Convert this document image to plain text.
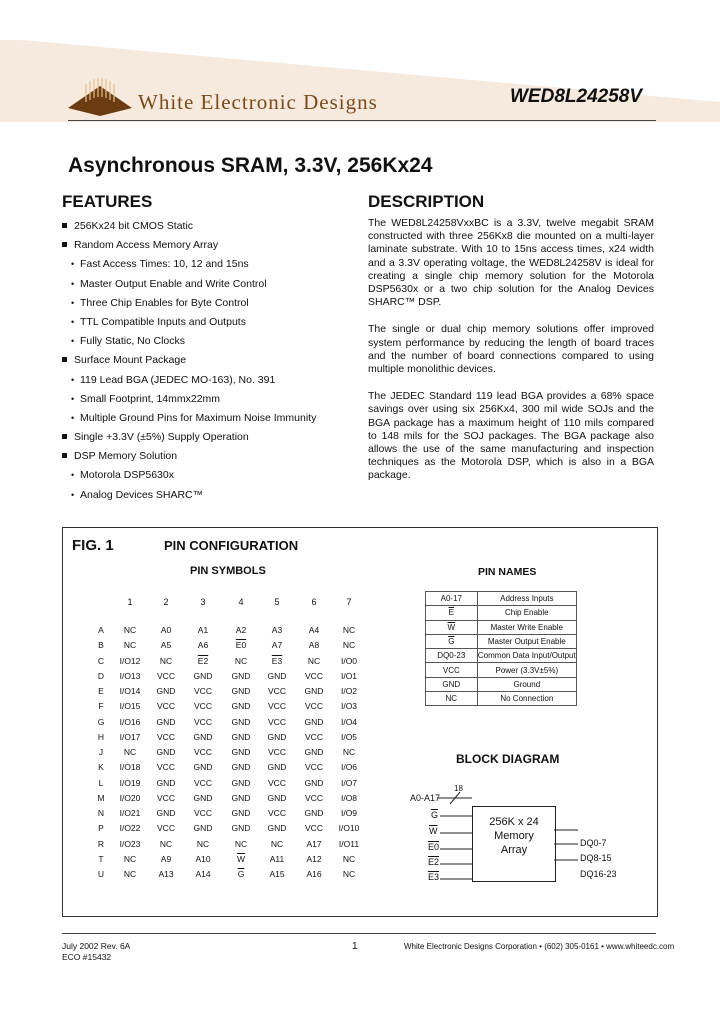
White Electronic Designs	WED8L24258V
Asynchronous SRAM, 3.3V, 256Kx24
FEATURES
256Kx24 bit CMOS Static
Random Access Memory Array
• Fast Access Times: 10, 12 and 15ns
• Master Output Enable and Write Control
• Three Chip Enables for Byte Control
• TTL Compatible Inputs and Outputs
• Fully Static, No Clocks
Surface Mount Package
• 119 Lead BGA (JEDEC MO-163), No. 391
• Small Footprint, 14mmx22mm
• Multiple Ground Pins for Maximum Noise Immunity
Single +3.3V (±5%) Supply Operation
DSP Memory Solution
• Motorola DSP5630x
• Analog Devices SHARC™
DESCRIPTION

The WED8L24258VxxBC is a 3.3V, twelve megabit SRAM constructed with three 256Kx8 die mounted on a multi-layer laminate substrate. With 10 to 15ns access times, x24 width and a 3.3V operating voltage, the WED8L24258V is ideal for creating a single chip memory solution for the Motorola DSP5630x or a two chip solution for the Analog Devices SHARC™ DSP.

The single or dual chip memory solutions offer improved system performance by reducing the length of board traces and the number of board connections compared to using multiple monolithic devices.

The JEDEC Standard 119 lead BGA provides a 68% space savings over using six 256Kx4, 300 mil wide SOJs and the BGA package has a maximum height of 110 mils compared to 148 mils for the SOJ packages. The BGA package also allows the use of the same manufacturing and inspection techniques as the Motorola DSP, which is also in a BGA package.

FIG. 1	PIN CONFIGURATION
PIN SYMBOLS
1	2	3	4	5	6	7
A	NC	A0	A1	A2	A3	A4	NC
B	NC	A5	A6	E0	A7	A8	NC
C	I/O12	NC	E2	NC	E3	NC	I/O0
D	I/O13	VCC	GND	GND	GND	VCC	I/O1
E	I/O14	GND	VCC	GND	VCC	GND	I/O2
F	I/O15	VCC	VCC	GND	VCC	VCC	I/O3
G	I/O16	GND	VCC	GND	VCC	GND	I/O4
H	I/O17	VCC	GND	GND	GND	VCC	I/O5
J	NC	GND	VCC	GND	VCC	GND	NC
K	I/O18	VCC	GND	GND	GND	VCC	I/O6
L	I/O19	GND	VCC	GND	VCC	GND	I/O7
M	I/O20	VCC	GND	GND	GND	VCC	I/O8
N	I/O21	GND	VCC	GND	VCC	GND	I/O9
P	I/O22	VCC	GND	GND	GND	VCC	I/O10
R	I/O23	NC	NC	NC	NC	A17	I/O11
T	NC	A9	A10	$\overline{W}$	A11	A12	NC
U	NC	A13	A14	$\overline{G}$	A15	A16	NC
PIN NAMES
A0-17	Address Inputs
$\overline{E}$	Chip Enable
$\overline{W}$	Master Write Enable
$\overline{G}$	Master Output Enable
DQ0-23	Common Data Input/Output
VCC	Power (3.3V±5%)
GND	Ground
NC	No Connection
BLOCK DIAGRAM
256K x 24
Memory
Array
A0-A17
18
$\overline{G}$
$\overline{W}$
E0
E2
E3
DQ0-7
DQ8-15
DQ16-23
July 2002 Rev. 6A
ECO #15432
1	White Electronic Designs Corporation • (602) 305-0161 • www.whiteedc.com
